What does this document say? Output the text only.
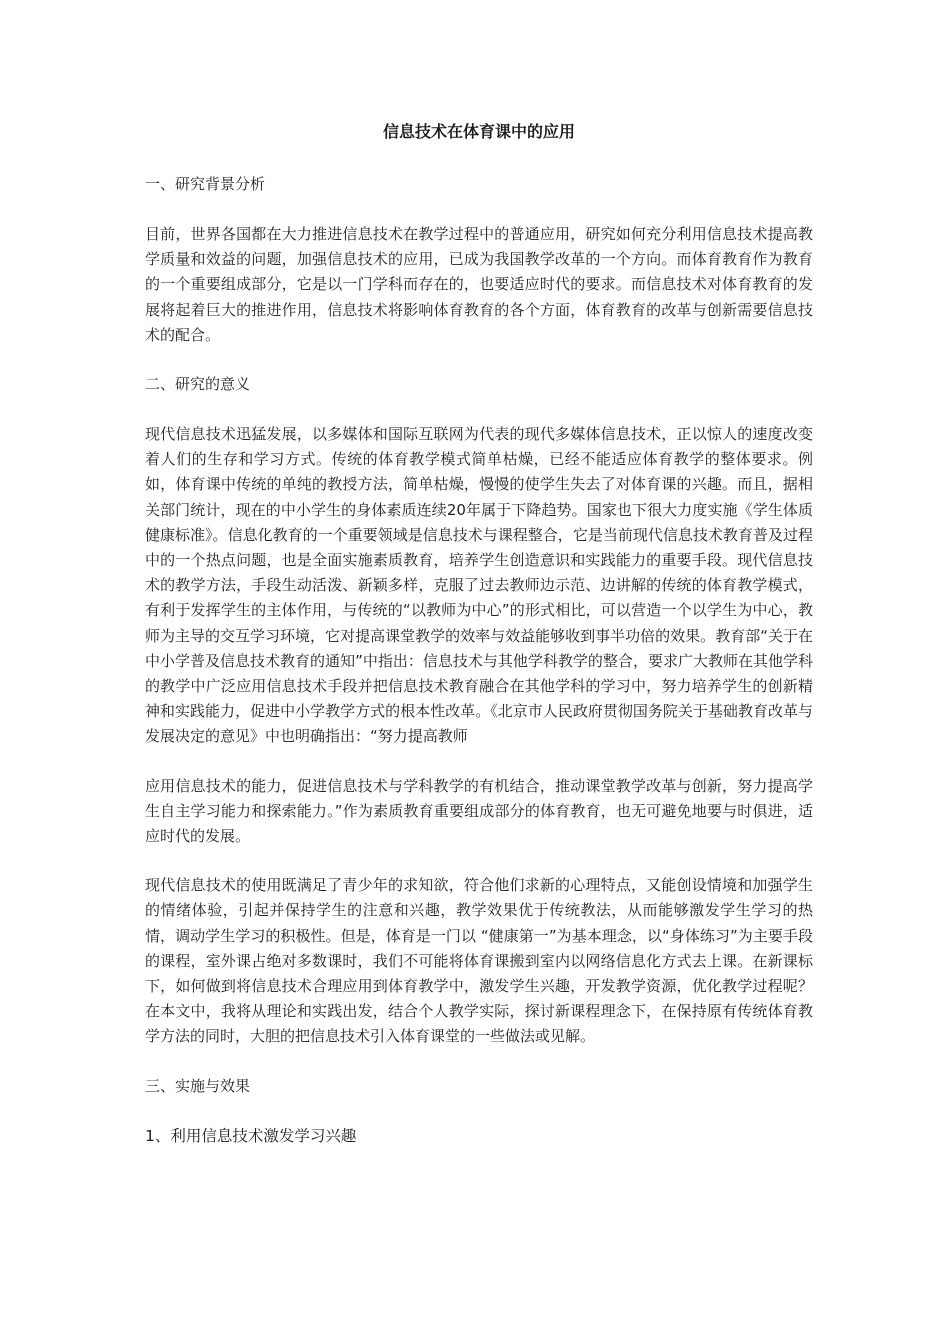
信息技术在体育课中的应用
一、研究背景分析
目前，世界各国都在大力推进信息技术在教学过程中的普通应用，研究如何充分利用信息技术提高教学质量和效益的问题，加强信息技术的应用，已成为我国教学改革的一个方向。而体育教育作为教育的一个重要组成部分，它是以一门学科而存在的，也要适应时代的要求。而信息技术对体育教育的发展将起着巨大的推进作用，信息技术将影响体育教育的各个方面，体育教育的改革与创新需要信息技术的配合。
二、研究的意义
现代信息技术迅猛发展，以多媒体和国际互联网为代表的现代多媒体信息技术，正以惊人的速度改变着人们的生存和学习方式。传统的体育教学模式简单枯燥，已经不能适应体育教学的整体要求。例如，体育课中传统的单纯的教授方法，简单枯燥，慢慢的使学生失去了对体育课的兴趣。而且，据相关部门统计，现在的中小学生的身体素质连续20年属于下降趋势。国家也下很大力度实施《学生体质健康标准》。信息化教育的一个重要领域是信息技术与课程整合，它是当前现代信息技术教育普及过程中的一个热点问题，也是全面实施素质教育，培养学生创造意识和实践能力的重要手段。现代信息技术的教学方法，手段生动活泼、新颖多样，克服了过去教师边示范、边讲解的传统的体育教学模式，有利于发挥学生的主体作用，与传统的“以教师为中心”的形式相比，可以营造一个以学生为中心，教师为主导的交互学习环境，它对提高课堂教学的效率与效益能够收到事半功倍的效果。教育部“关于在中小学普及信息技术教育的通知”中指出：信息技术与其他学科教学的整合，要求广大教师在其他学科的教学中广泛应用信息技术手段并把信息技术教育融合在其他学科的学习中，努力培养学生的创新精神和实践能力，促进中小学教学方式的根本性改革。《北京市人民政府贯彻国务院关于基础教育改革与发展决定的意见》中也明确指出：“努力提高教师
应用信息技术的能力，促进信息技术与学科教学的有机结合，推动课堂教学改革与创新，努力提高学生自主学习能力和探索能力。”作为素质教育重要组成部分的体育教育，也无可避免地要与时俱进，适应时代的发展。
现代信息技术的使用既满足了青少年的求知欲，符合他们求新的心理特点，又能创设情境和加强学生的情绪体验，引起并保持学生的注意和兴趣，教学效果优于传统教法，从而能够激发学生学习的热情，调动学生学习的积极性。但是，体育是一门以 “健康第一”为基本理念，以“身体练习”为主要手段的课程，室外课占绝对多数课时，我们不可能将体育课搬到室内以网络信息化方式去上课。在新课标下，如何做到将信息技术合理应用到体育教学中，激发学生兴趣，开发教学资源，优化教学过程呢？在本文中，我将从理论和实践出发，结合个人教学实际，探讨新课程理念下，在保持原有传统体育教学方法的同时，大胆的把信息技术引入体育课堂的一些做法或见解。
三、实施与效果
1、利用信息技术激发学习兴趣
